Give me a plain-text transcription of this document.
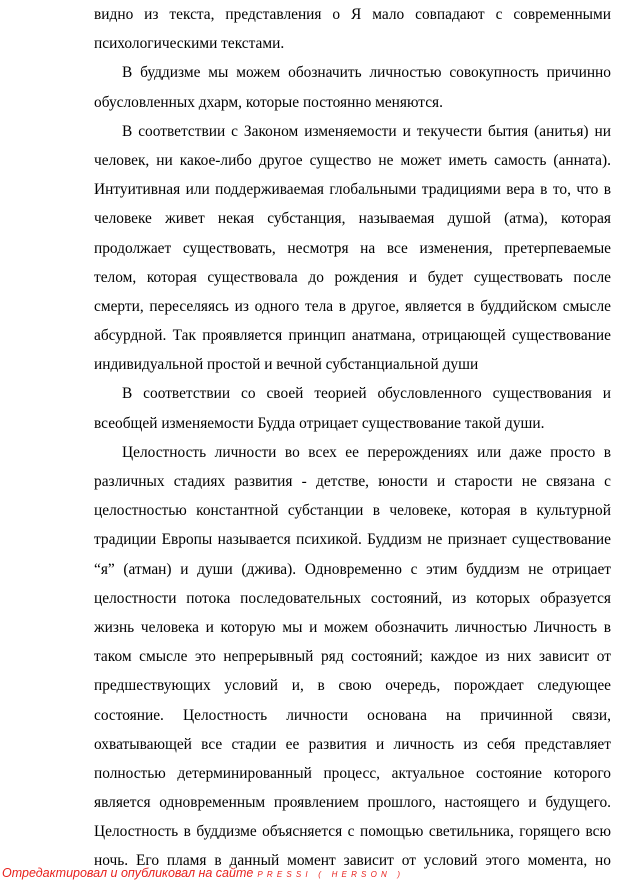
видно из текста, представления о Я мало совпадают с современными
психологическими текстами.
В буддизме мы можем обозначить личностью совокупность причинно
обусловленных дхарм, которые постоянно меняются.
В соответствии с Законом изменяемости и текучести бытия (анитья) ни
человек, ни какое-либо другое существо не может иметь самость (анната).
Интуитивная или поддерживаемая глобальными традициями вера в то, что в
человеке живет некая субстанция, называемая душой (атма), которая
продолжает существовать, несмотря на все изменения, претерпеваемые
телом, которая существовала до рождения и будет существовать после
смерти, переселяясь из одного тела в другое, является в буддийском смысле
абсурдной. Так проявляется принцип анатмана, отрицающей существование
индивидуальной простой и вечной субстанциальной души
В соответствии со своей теорией обусловленного существования и
всеобщей изменяемости Будда отрицает существование такой души.
Целостность личности во всех ее перерождениях или даже просто в
различных стадиях развития - детстве, юности и старости не связана с
целостностью константной субстанции в человеке, которая в культурной
традиции Европы называется психикой. Буддизм не признает существование
“я” (атман) и души (джива). Одновременно с этим буддизм не отрицает
целостности потока последовательных состояний, из которых образуется
жизнь человека и которую мы и можем обозначить личностью Личность в
таком смысле это непрерывный ряд состояний; каждое из них зависит от
предшествующих условий и, в свою очередь, порождает следующее
состояние. Целостность личности основана на причинной связи,
охватывающей все стадии ее развития и личность из себя представляет
полностью детерминированный процесс, актуальное состояние которого
является одновременным проявлением прошлого, настоящего и будущего.
Целостность в буддизме объясняется с помощью светильника, горящего всю
ночь. Его пламя в данный момент зависит от условий этого момента, но
Отредактировал и опубликовал на сайте PRESSI ( HERSON )
